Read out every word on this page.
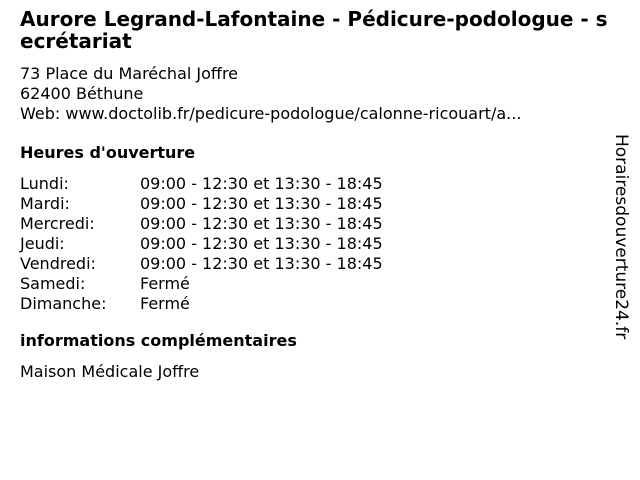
Aurore Legrand-Lafontaine - Pédicure-podologue - secrétariat
73 Place du Maréchal Joffre
62400 Béthune
Web: www.doctolib.fr/pedicure-podologue/calonne-ricouart/a...
Heures d'ouverture
Lundi:	09:00 - 12:30 et 13:30 - 18:45
Mardi:	09:00 - 12:30 et 13:30 - 18:45
Mercredi:	09:00 - 12:30 et 13:30 - 18:45
Jeudi:	09:00 - 12:30 et 13:30 - 18:45
Vendredi:	09:00 - 12:30 et 13:30 - 18:45
Samedi:	Fermé
Dimanche:	Fermé
informations complémentaires
Maison Médicale Joffre
Horairesdouverture24.fr
